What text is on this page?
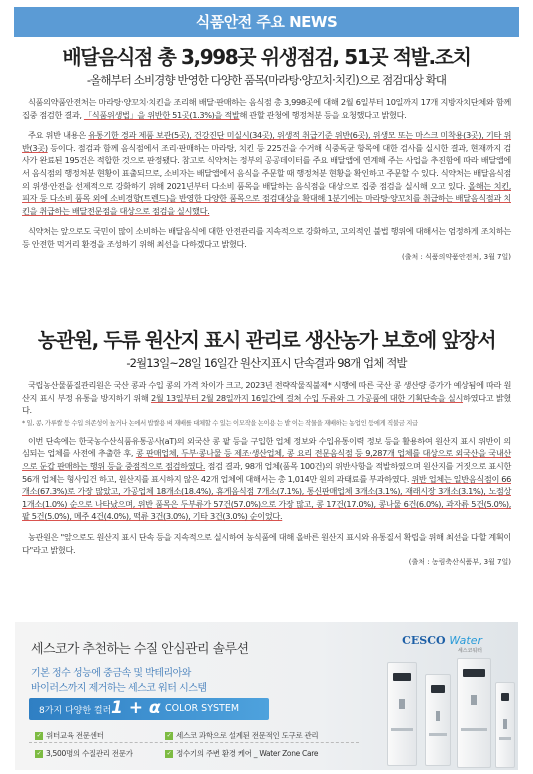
식품안전 주요 NEWS
배달음식점 총 3,998곳 위생점검, 51곳 적발.조치
-올해부터 소비경향 반영한 다양한 품목(마라탕·양꼬치·치킨)으로 점검대상 확대

식품의약품안전처는 마라탕·양꼬치·치킨을 조리해 배달·판매하는 음식점 총 3,998곳에 대해 2월 6일부터 10일까지 17개 지방자치단체와 함께 집중 점검한 결과, 「식품위생법」을 위반한 51곳(1.3%)을 적발해 관할 관청에 행정처분 등을 요청했다고 밝혔다.

주요 위반 내용은 유통기한 경과 제품 보관(5곳), 건강진단 미실시(34곳), 위생적 취급기준 위반(6곳), 위생모 또는 마스크 미착용(3곳), 기타 위반(3곳) 등이다. 점검과 함께 음식점에서 조리·판매하는 마라탕, 치킨 등 225건을 수거해 식중독균 항목에 대한 검사를 실시한 결과, 현재까지 검사가 완료된 195건은 적합한 것으로 판정됐다. 참고로 식약처는 정부의 공공데이터를 주요 배달앱에 연계해 주는 사업을 추진함에 따라 배달앱에서 음식점의 행정처분 현황이 표출되므로, 소비자는 배달앱에서 음식을 주문할 때 행정처분 현황을 확인하고 주문할 수 있다. 식약처는 배달음식점의 위생·안전을 선제적으로 강화하기 위해 2021년부터 다소비 품목을 배달하는 음식점을 대상으로 집중 점검을 실시해 오고 있다. 올해는 치킨, 피자 등 다소비 품목 외에 소비경향(트렌드)을 반영한 다양한 품목으로 점검대상을 확대해 1분기에는 마라탕·양꼬치를 취급하는 배달음식점과 치킨을 취급하는 배달전문점을 대상으로 점검을 실시했다.

식약처는 앞으로도 국민이 많이 소비하는 배달음식에 대한 안전관리를 지속적으로 강화하고, 고의적인 불법 행위에 대해서는 엄정하게 조치하는 등 안전한 먹거리 환경을 조성하기 위해 최선을 다하겠다고 밝혔다.

(출처 : 식품의약품안전처, 3월 7일)
농관원, 두류 원산지 표시 관리로 생산농가 보호에 앞장서
-2월13일~28일 16일간 원산지표시 단속결과 98개 업체 적발

국립농산물품질관리원은 국산 콩과 수입 콩의 가격 차이가 크고, 2023년 전략작물직불제* 시행에 따른 국산 콩 생산량 증가가 예상됨에 따라 원산지 표시 부정 유통을 방지하기 위해 2월 13일부터 2월 28일까지 16일간에 걸쳐 수입 두류와 그 가공품에 대한 기획단속을 실시하였다고 밝혔다.

* 일, 콩, 가루쌀 등 수입 의존성이 높거나 논에서 밥쌀용 벼 재배를 대체할 수 있는 이모작을 논이용 는 밭 이는 작물을 재배하는 농업인 등에게 직불금 지급

이번 단속에는 한국농수산식품유통공사(aT)의 외국산 콩 팥 등을 구입한 업체 정보와 수입유통이력 정보 등을 활용하여 원산지 표시 위반이 의심되는 업체를 사전에 추출한 후, 콩 판매업체, 두부·콩나물 등 제조·생산업체, 콩 요리 전문음식점 등 9,287개 업체를 대상으로 외국산을 국내산으로 둔갑 판매하는 행위 등을 중점적으로 점검하였다. 점검 결과, 98개 업체(품목 100건)의 위반사항을 적발하였으며 원산지를 거짓으로 표시한 56개 업체는 형사입건 하고, 원산지를 표시하지 않은 42개 업체에 대해서는 총 1,014만 원의 과태료를 부과하였다. 위반 업체는 일반음식점이 66개소(67.3%)로 가장 많았고, 가공업체 18개소(18.4%), 휴게음식점 7개소(7.1%), 통신판매업체 3개소(3.1%), 재래시장 3개소(3.1%), 노점상 1개소(1.0%) 순으로 나타났으며, 위반 품목은 두부류가 57건(57.0%)으로 가장 많고, 콩 17건(17.0%), 콩나물 6건(6.0%), 과자류 5건(5.0%), 팥 5건(5.0%), 메주 4건(4.0%), 떡류 3건(3.0%), 기타 3건(3.0%) 순이었다.

농관원은 "앞으로도 원산지 표시 단속 등을 지속적으로 실시하여 농식품에 대해 올바른 원산지 표시와 유통질서 확립을 위해 최선을 다할 계획이다"라고 밝혔다.

(출처 : 농림축산식품부, 3월 7일)
세스코가 추천하는 수질 안심관리 솔루션
기본 정수 성능에 중금속 및 박테리아와
바이러스까지 제거하는 세스코 워터 시스템
8가지 다양한 컬러 1 + α COLOR SYSTEM
✓ 위터교육 전문센터
✓ 3,500명의 수질관리 전문가
✓ 세스코 과학으로 설계된 전문적인 도구로 관리
✓ 정수기의 주변 환경 케어 _ Water Zone Care
CESCO Water
세스코워터
